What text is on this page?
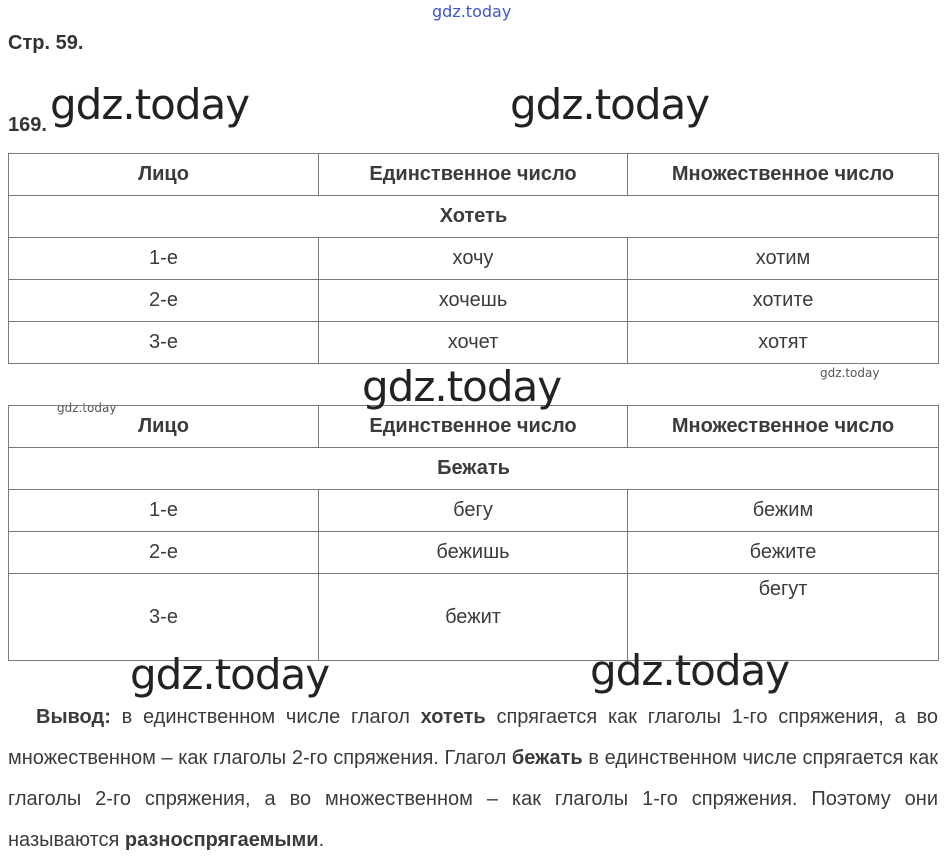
gdz.today
gdz.today	gdz.today
gdz.today
gdz.today
Стр. 59.
169.
Лицо	Единственное число	Множественное число
Хотеть		
1-е	хочу	хотим
2-е	хочешь	хотите
3-е	хочет	хотят
Лицо	Единственное число	Множественное число
Бежать		
1-е	бегу	бежим
2-е	бежишь	бежите
3-е	бежит	бегут
gdz.today
gdz.today	gdz.today
Вывод: в единственном числе глагол хотеть спрягается как глаголы 1-го спряжения, а во множественном – как глаголы 2-го спряжения. Глагол бежать в единственном числе спрягается как глаголы 2-го спряжения, а во множественном – как глаголы 1-го спряжения. Поэтому они называются разноспрягаемыми.
